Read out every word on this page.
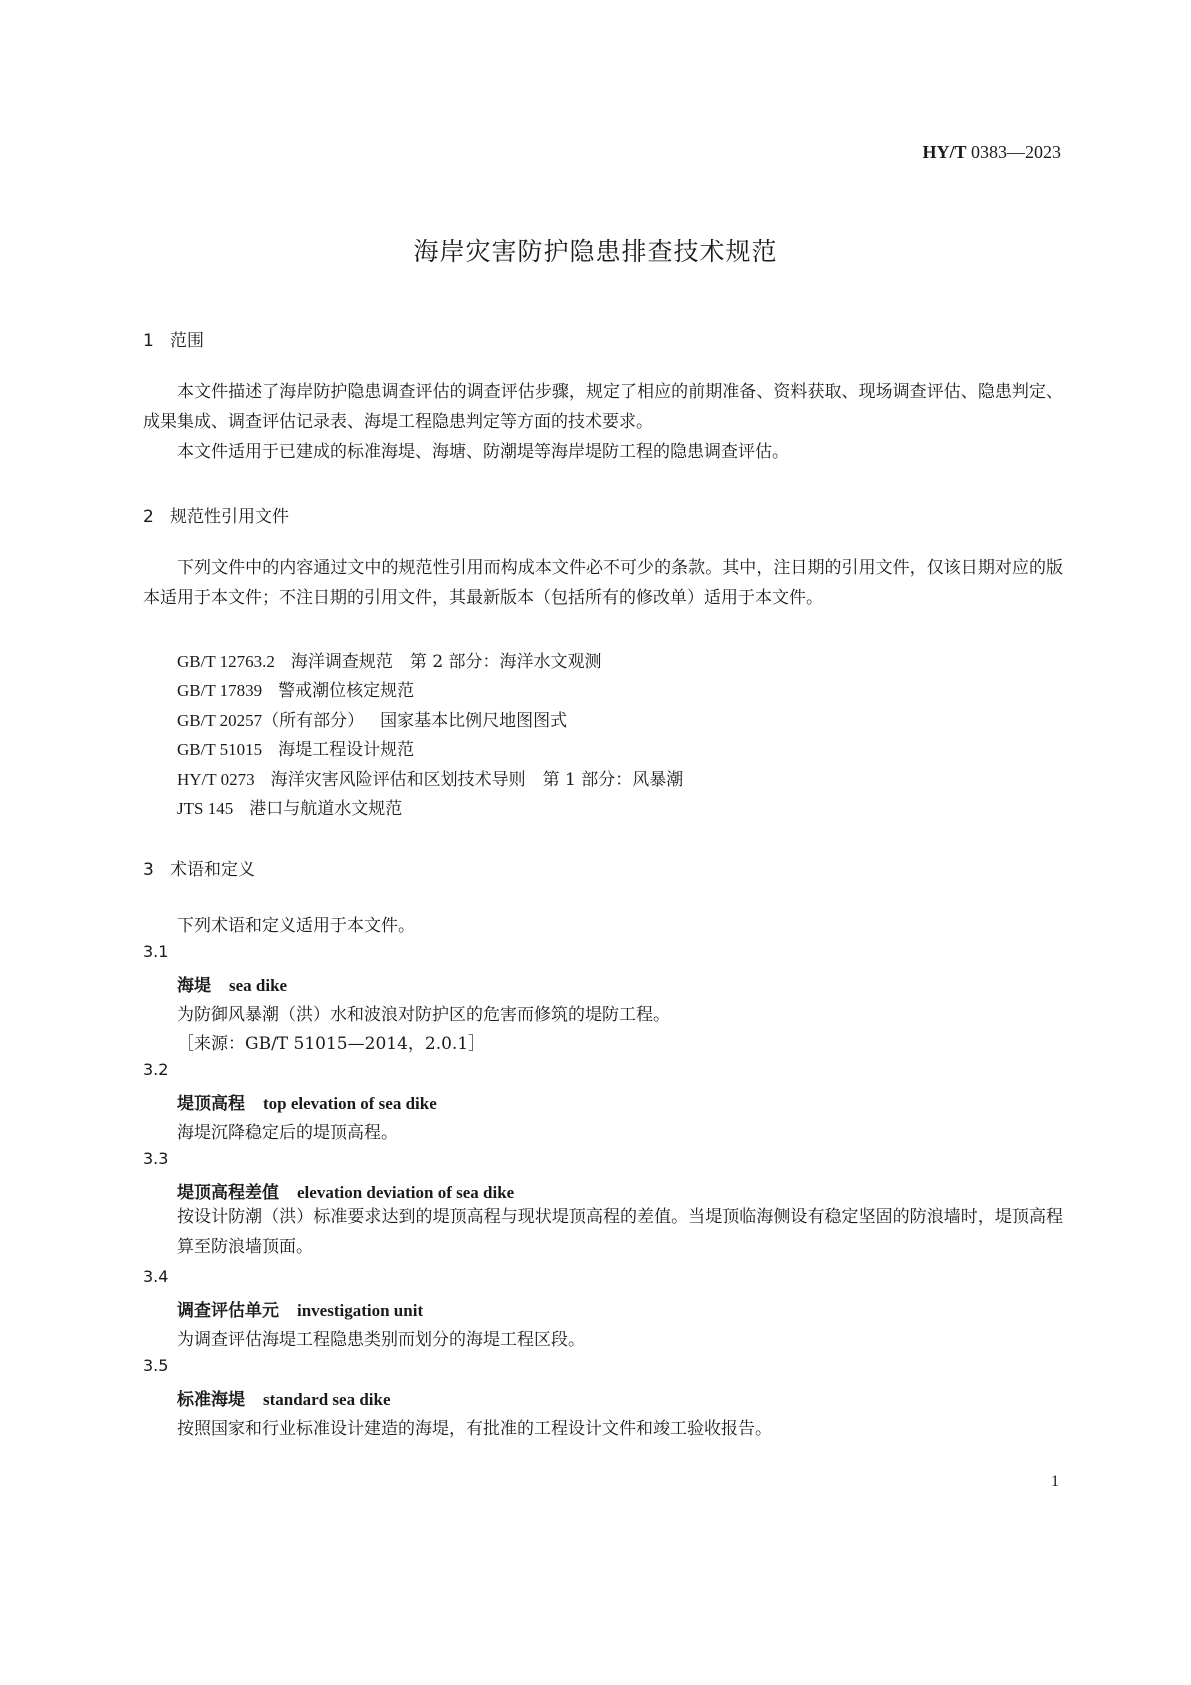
HY/T 0383—2023
海岸灾害防护隐患排查技术规范
1 范围

本文件描述了海岸防护隐患调查评估的调查评估步骤，规定了相应的前期准备、资料获取、现场调查评估、隐患判定、成果集成、调查评估记录表、海堤工程隐患判定等方面的技术要求。

本文件适用于已建成的标准海堤、海塘、防潮堤等海岸堤防工程的隐患调查评估。

2 规范性引用文件

下列文件中的内容通过文中的规范性引用而构成本文件必不可少的条款。其中，注日期的引用文件，仅该日期对应的版本适用于本文件；不注日期的引用文件，其最新版本（包括所有的修改单）适用于本文件。

GB/T 12763.2 海洋调查规范　第 2 部分：海洋水文观测
GB/T 17839 警戒潮位核定规范
GB/T 20257（所有部分） 国家基本比例尺地图图式
GB/T 51015 海堤工程设计规范
HY/T 0273 海洋灾害风险评估和区划技术导则　第 1 部分：风暴潮
JTS 145 港口与航道水文规范
3 术语和定义
下列术语和定义适用于本文件。
3.1
海堤 sea dike
为防御风暴潮（洪）水和波浪对防护区的危害而修筑的堤防工程。
［来源：GB/T 51015—2014，2.0.1］
3.2
堤顶高程 top elevation of sea dike
海堤沉降稳定后的堤顶高程。
3.3
堤顶高程差值 elevation deviation of sea dike
按设计防潮（洪）标准要求达到的堤顶高程与现状堤顶高程的差值。当堤顶临海侧设有稳定坚固的防浪墙时，堤顶高程算至防浪墙顶面。
3.4
调查评估单元 investigation unit
为调查评估海堤工程隐患类别而划分的海堤工程区段。
3.5
标准海堤 standard sea dike
按照国家和行业标准设计建造的海堤，有批准的工程设计文件和竣工验收报告。
1
